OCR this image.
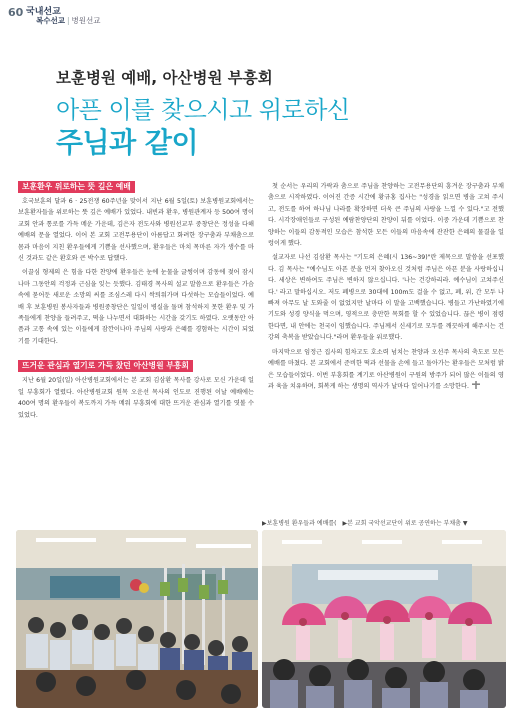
60 국내선교
복수선교 | 병원선교
보훈병원 예배, 아산병원 부흥회
아픈 이를 찾으시고 위로하신
주님과 같이
보훈환우 위로하는 뜻 깊은 예배

호국보훈의 달과 6 · 25전쟁 60주년을 맞이서 지난 6월 5일(토) 보훈병원교회에서는 보훈환자들을 위로하는 뜻 깊은 예배가 있었다. 내빈과 환우, 병원관계자 등 500여 명이 교회 안과 통로를 가득 메운 가운데, 김은자 전도사와 병원선교부 중창단은 정성을 다해 예배의 문을 열었다. 이어 본 교회 고전무용단이 아름답고 화려한 장구춤과 부채춤으로 몸과 마음이 지친 환우들에게 기쁨을 선사했으며, 환우들은 마치 목마른 자가 생수를 마신 것과도 같은 환호와 큰 박수로 답했다.

이끌심 형제의 은 힘을 다한 찬양에 환우들은 눈에 눈물을 글썽이며 감동에 젖어 잠시나마 그동안의 걱정과 근심을 잊는 듯했다. 김태경 목사의 설교 말씀으로 환우들은 가슴속에 묻어둔 새로운 소망의 씨를 조심스레 다시 싹틔워가며 다섯하는 모습들이었다. 예배 후 보훈병원 봉사자들과 병원중창단은 일일이 병실을 돌며 참석하지 못한 환우 및 가족들에게 찬양을 들려주고, 떡을 나누면서 대화하는 시간을 갖기도 하였다. 오랫동안 아픔과 고통 속에 있는 이들에게 잠깐이나마 주님의 사랑과 은혜를 경험하는 시간이 되었기를 기대한다.

뜨거운 관심과 열기로 가득 찼던 아산병원 부흥회

지난 6월 20일(일) 아산병원교회에서는 본 교회 김삼환 목사를 강사로 모신 가운데 일일 부흥회가 열렸다. 아산병원교회 원목 오운선 목사의 인도로 진행된 이날 예배에는 400여 명의 환우들이 복도까지 가득 메워 부흥회에 대한 뜨거운 관심과 열기를 엿볼 수 있었다.

첫 순서는 우리의 가락과 춤으로 주님을 찬양하는 고전무용단의 흥겨운 장구춤과 부채춤으로 시작하였다. 이어진 간증 시간에 황규홍 집사는 "성경을 읽으면 병을 고쳐 주시고, 전도를 하여 하나님 나라를 확장하면 더욱 큰 주님의 사랑을 느낄 수 있다."고 전했다. 시각장애인들로 구성된 예람찬양단의 찬양이 뒤를 이었다. 이중 가운데 기쁨으로 찬양하는 이들의 감동적인 모습은 참석한 모든 이들의 마음속에 잔잔한 은혜의 물결을 일렁이게 했다.

설교자로 나선 김삼환 목사는 "기도의 은혜(시 136~39)"란 제목으로 말씀을 선포했다. 김 목사는 "예수님도 아픈 분을 먼저 찾아오신 것처럼 주님은 아픈 분을 사랑하십니다. 세상은 변하여도 주님은 변하지 않으십니다. '나는 건강하리라. 예수님이 고쳐주신다.' 라고 말하십시오. 저도 폐병으로 30대에 100m도 걸을 수 없고, 폐, 위, 간 모두 나빠져 아무도 날 도와줄 이 없었지만 날마다 이 말을 고백했습니다. 병들고 가난하였기에 기도와 성경 양식을 먹으며, 영적으로 충만한 목회를 할 수 있었습니다. 끊은 병이 점령한다면, 내 안에는 천국이 임했습니다. 주님께서 신세기로 모두를 깨끗하게 해주시는 건강의 축복을 받았습니다."라며 환우들을 위로했다.

마지막으로 임정근 집사의 힘차고도 호소력 넘치는 찬양과 오선주 목사의 축도로 모든 예배를 마쳤다. 본 교회에서 준비한 떡과 선물을 손에 들고 돌아가는 환우들은 모처럼 밝은 모습들이었다. 이번 부흥회를 계기로 아산병원이 구원의 방주가 되어 많은 이들의 영과 육을 치유하며, 회복게 하는 생명의 역사가 날마다 일어나기를 소망한다.

▶보훈병원 환우들과 예배를( ▶본 교회 국악선교단이 위로 공연하는 부채춤 ▼
